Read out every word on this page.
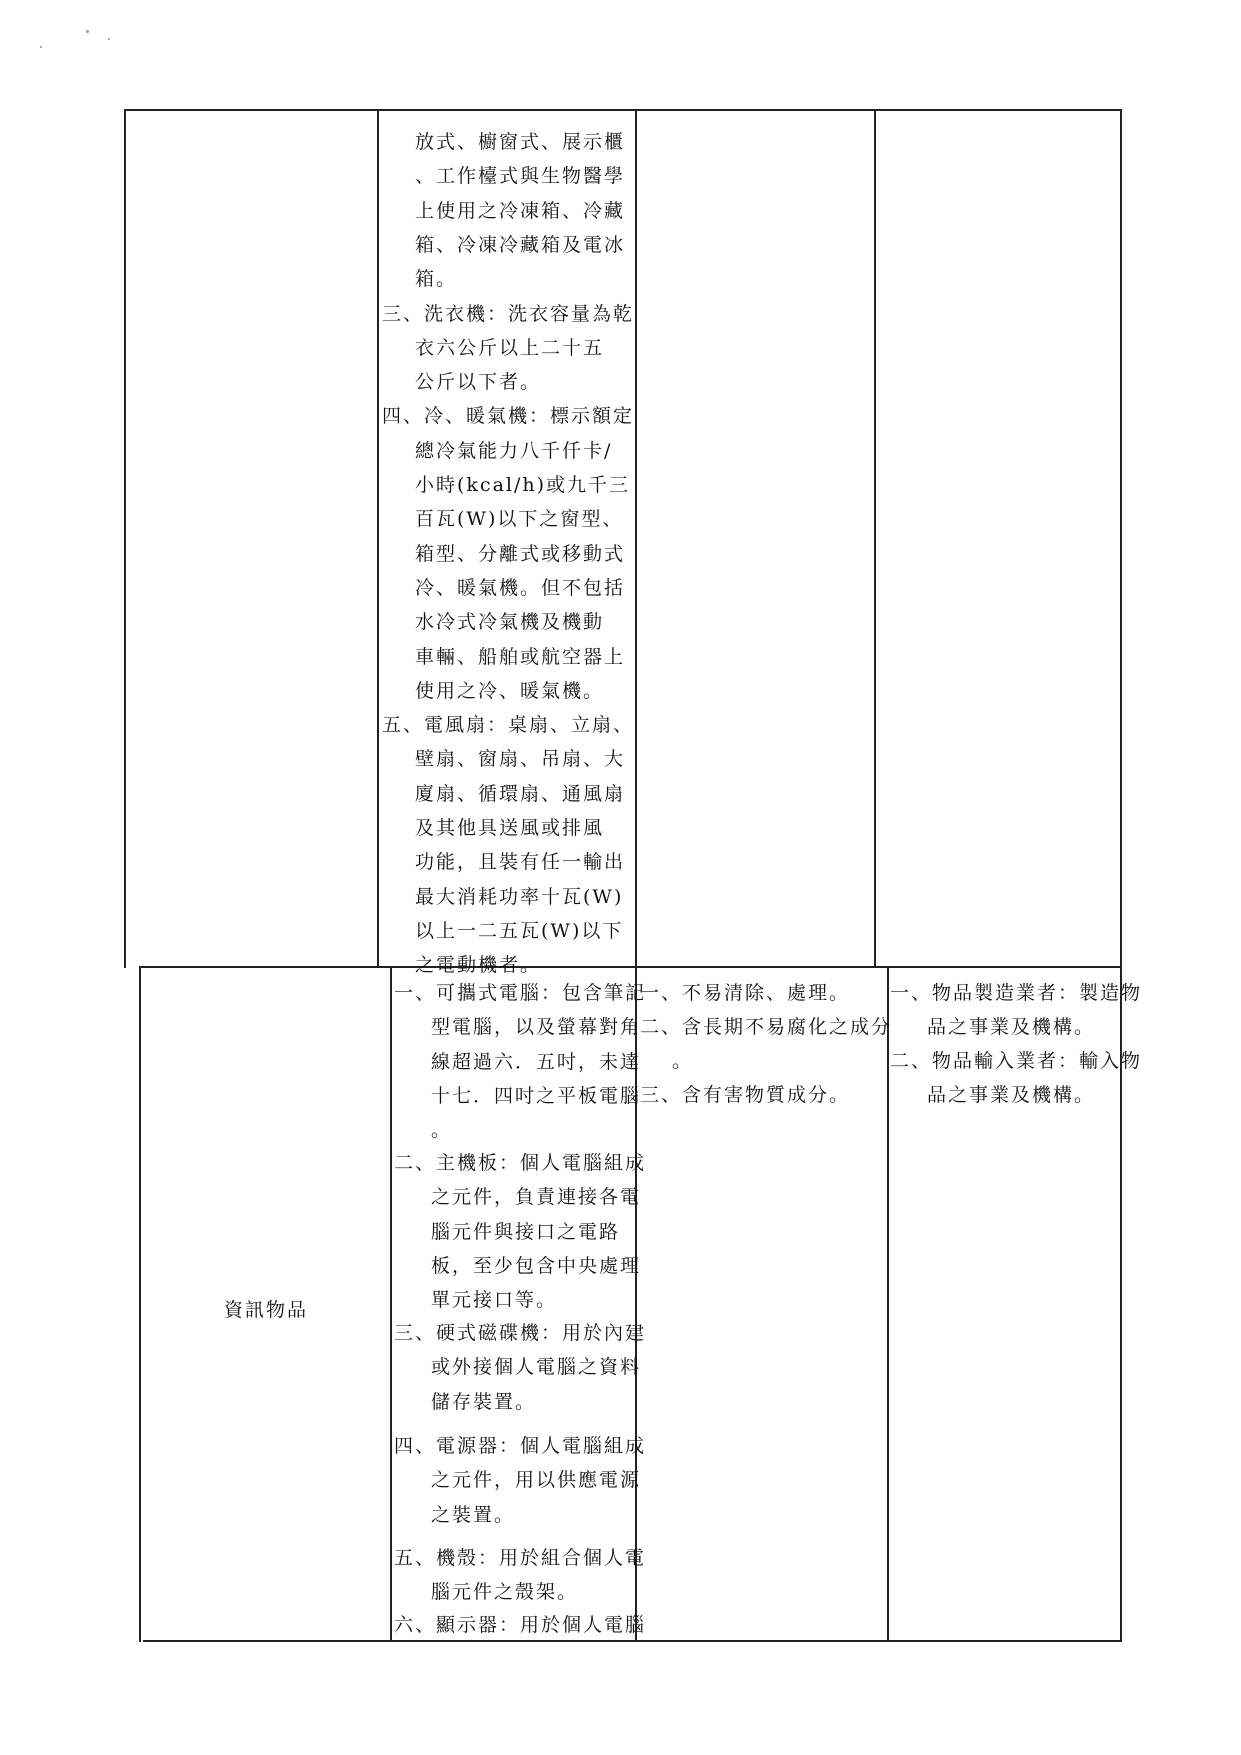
放式、櫥窗式、展示櫃
、工作檯式與生物醫學
上使用之冷凍箱、冷藏
箱、冷凍冷藏箱及電冰
箱。
三、洗衣機：洗衣容量為乾
衣六公斤以上二十五
公斤以下者。
四、冷、暖氣機：標示額定
總冷氣能力八千仟卡/
小時(kcal/h)或九千三
百瓦(W)以下之窗型、
箱型、分離式或移動式
冷、暖氣機。但不包括
水冷式冷氣機及機動
車輛、船舶或航空器上
使用之冷、暖氣機。
五、電風扇：桌扇、立扇、
壁扇、窗扇、吊扇、大
廈扇、循環扇、通風扇
及其他具送風或排風
功能，且裝有任一輸出
最大消耗功率十瓦(W)
以上一二五瓦(W)以下
之電動機者。
資訊物品
一、可攜式電腦：包含筆記
型電腦，以及螢幕對角
線超過六．五吋，未達
十七．四吋之平板電腦
。
二、主機板：個人電腦組成
之元件，負責連接各電
腦元件與接口之電路
板，至少包含中央處理
單元接口等。
三、硬式磁碟機：用於內建
或外接個人電腦之資料
儲存裝置。
四、電源器：個人電腦組成
之元件，用以供應電源
之裝置。
五、機殼：用於組合個人電
腦元件之殼架。
六、顯示器：用於個人電腦
一、不易清除、處理。
二、含長期不易腐化之成分
。
三、含有害物質成分。
一、物品製造業者：製造物
品之事業及機構。
二、物品輸入業者：輸入物
品之事業及機構。
